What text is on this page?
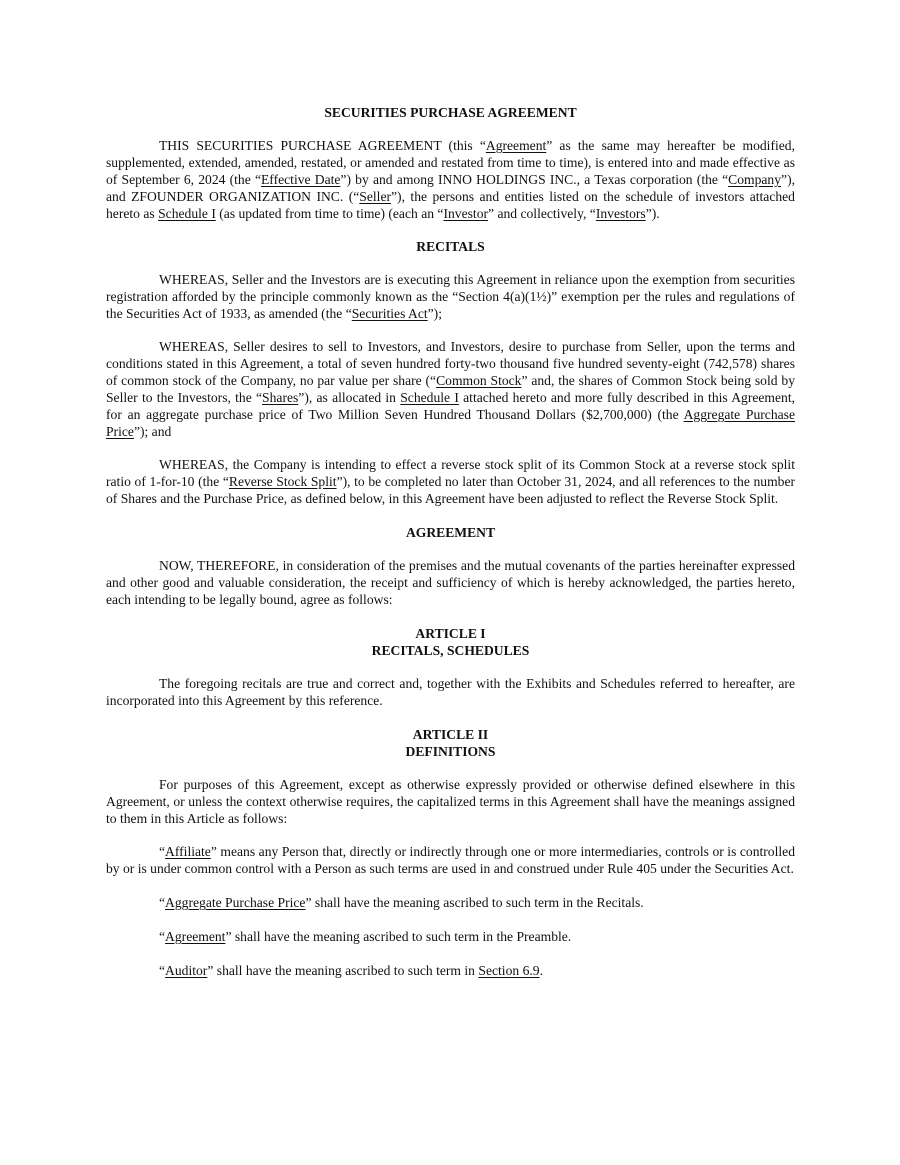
SECURITIES PURCHASE AGREEMENT

THIS SECURITIES PURCHASE AGREEMENT (this “Agreement” as the same may hereafter be modified, supplemented, extended, amended, restated, or amended and restated from time to time), is entered into and made effective as of September 6, 2024 (the “Effective Date”) by and among INNO HOLDINGS INC., a Texas corporation (the “Company”), and ZFOUNDER ORGANIZATION INC. (“Seller”), the persons and entities listed on the schedule of investors attached hereto as Schedule I (as updated from time to time) (each an “Investor” and collectively, “Investors”).

RECITALS

WHEREAS, Seller and the Investors are is executing this Agreement in reliance upon the exemption from securities registration afforded by the principle commonly known as the “Section 4(a)(1½)” exemption per the rules and regulations of the Securities Act of 1933, as amended (the “Securities Act”);

WHEREAS, Seller desires to sell to Investors, and Investors, desire to purchase from Seller, upon the terms and conditions stated in this Agreement, a total of seven hundred forty-two thousand five hundred seventy-eight (742,578) shares of common stock of the Company, no par value per share (“Common Stock” and, the shares of Common Stock being sold by Seller to the Investors, the “Shares”), as allocated in Schedule I attached hereto and more fully described in this Agreement, for an aggregate purchase price of Two Million Seven Hundred Thousand Dollars ($2,700,000) (the Aggregate Purchase Price”); and

WHEREAS, the Company is intending to effect a reverse stock split of its Common Stock at a reverse stock split ratio of 1-for-10 (the “Reverse Stock Split”), to be completed no later than October 31, 2024, and all references to the number of Shares and the Purchase Price, as defined below, in this Agreement have been adjusted to reflect the Reverse Stock Split.

AGREEMENT

NOW, THEREFORE, in consideration of the premises and the mutual covenants of the parties hereinafter expressed and other good and valuable consideration, the receipt and sufficiency of which is hereby acknowledged, the parties hereto, each intending to be legally bound, agree as follows:

ARTICLE I

RECITALS, SCHEDULES

The foregoing recitals are true and correct and, together with the Exhibits and Schedules referred to hereafter, are incorporated into this Agreement by this reference.

ARTICLE II

DEFINITIONS

For purposes of this Agreement, except as otherwise expressly provided or otherwise defined elsewhere in this Agreement, or unless the context otherwise requires, the capitalized terms in this Agreement shall have the meanings assigned to them in this Article as follows:

“Affiliate” means any Person that, directly or indirectly through one or more intermediaries, controls or is controlled by or is under common control with a Person as such terms are used in and construed under Rule 405 under the Securities Act.

“Aggregate Purchase Price” shall have the meaning ascribed to such term in the Recitals.

“Agreement” shall have the meaning ascribed to such term in the Preamble.

“Auditor” shall have the meaning ascribed to such term in Section 6.9.
